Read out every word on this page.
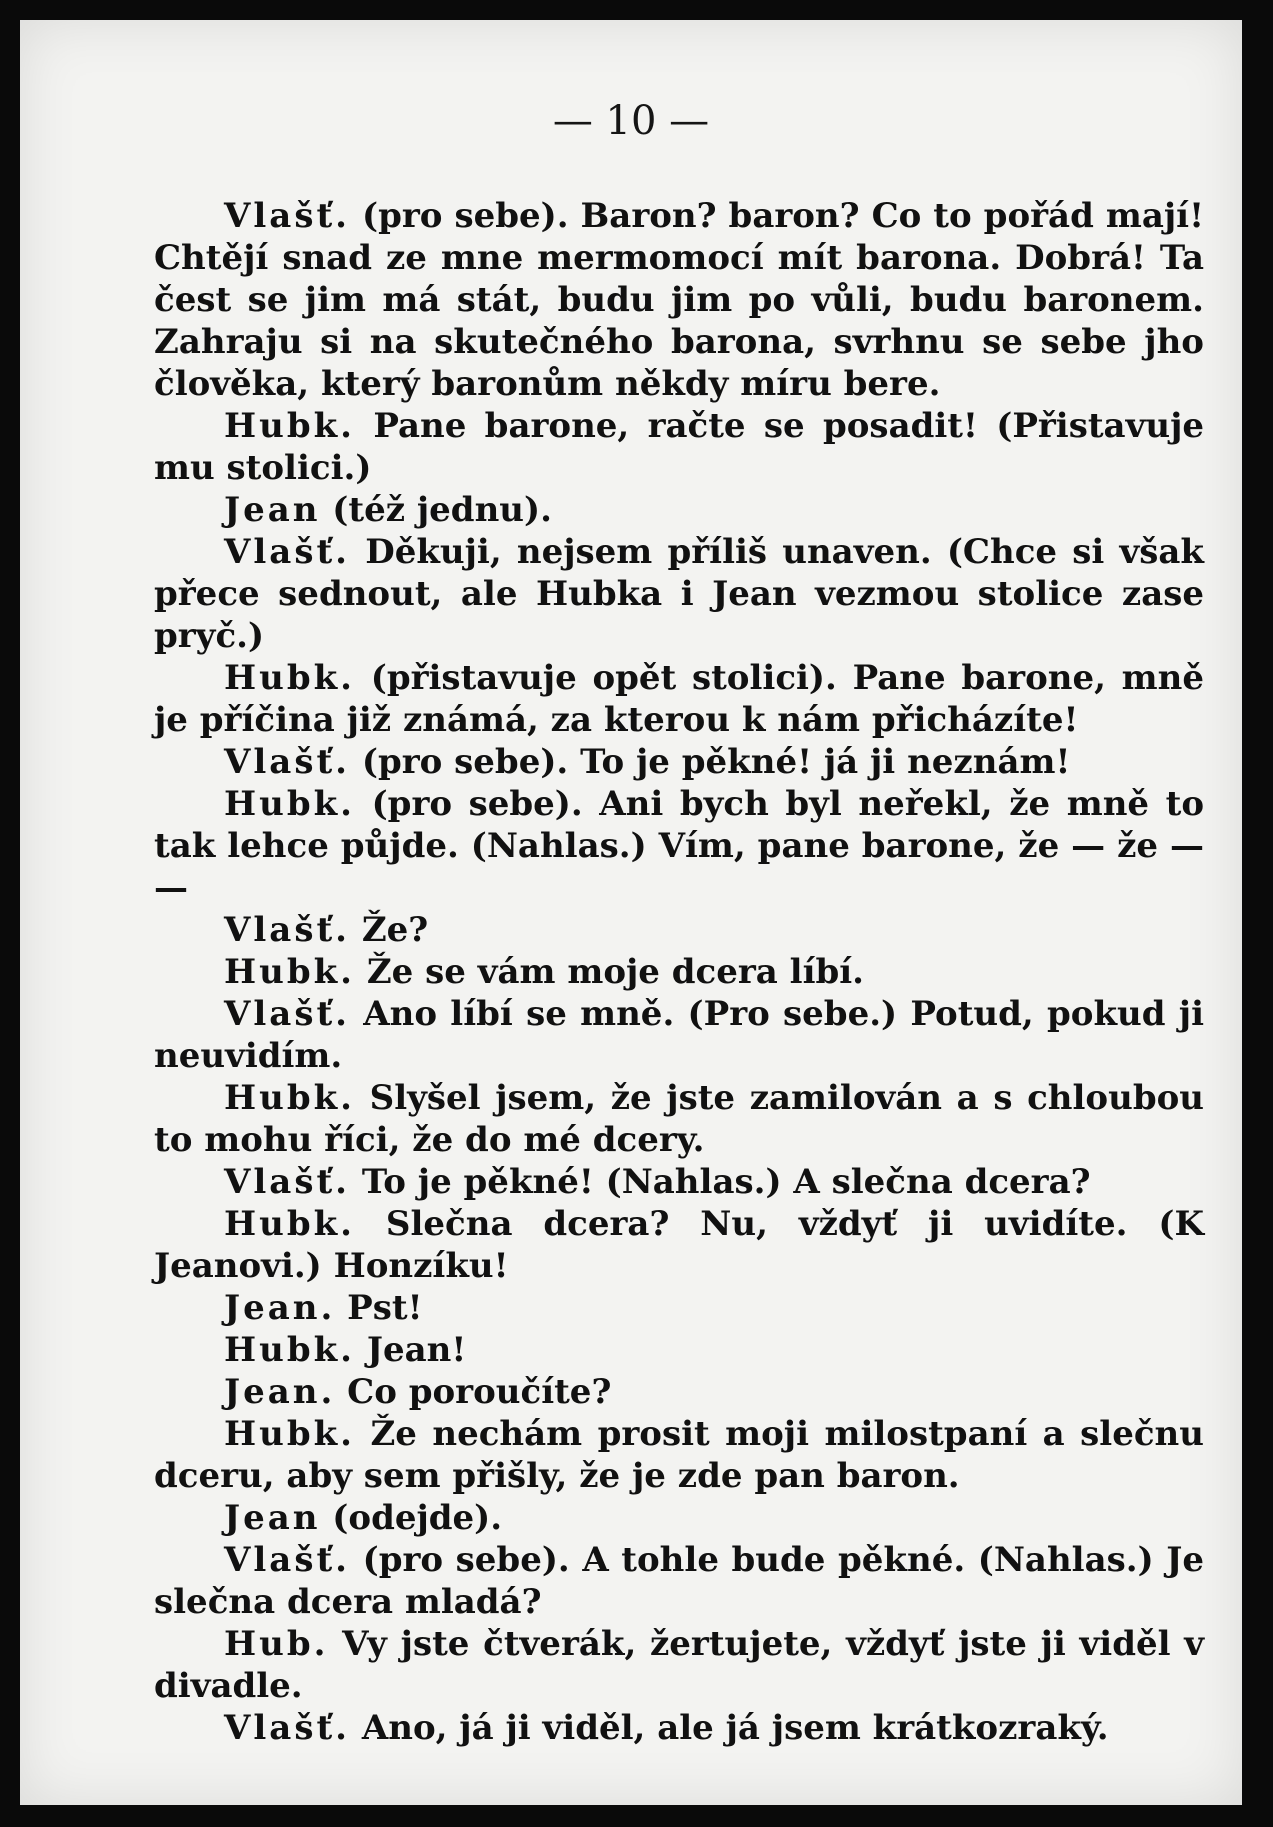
— 10 —
Vlašť. (pro sebe). Baron? baron? Co to pořád mají! Chtějí snad ze mne mermomocí mít barona. Dobrá! Ta čest se jim má stát, budu jim po vůli, budu baronem. Zahraju si na skutečného barona, svrhnu se sebe jho člověka, který baronům někdy míru bere.
Hubk. Pane barone, račte se posadit! (Přistavuje mu stolici.)
Jean (též jednu).
Vlašť. Děkuji, nejsem příliš unaven. (Chce si však přece sednout, ale Hubka i Jean vezmou stolice zase pryč.)
Hubk. (přistavuje opět stolici). Pane barone, mně je příčina již známá, za kterou k nám přicházíte!
Vlašť. (pro sebe). To je pěkné! já ji neznám!
Hubk. (pro sebe). Ani bych byl neřekl, že mně to tak lehce půjde. (Nahlas.) Vím, pane barone, že — že — —
Vlašť. Že?
Hubk. Že se vám moje dcera líbí.
Vlašť. Ano líbí se mně. (Pro sebe.) Potud, pokud ji neuvidím.
Hubk. Slyšel jsem, že jste zamilován a s chloubou to mohu říci, že do mé dcery.
Vlašť. To je pěkné! (Nahlas.) A slečna dcera?
Hubk. Slečna dcera? Nu, vždyť ji uvidíte. (K Jeanovi.) Honzíku!
Jean. Pst!
Hubk. Jean!
Jean. Co poroučíte?
Hubk. Že nechám prosit moji milostpaní a slečnu dceru, aby sem přišly, že je zde pan baron.
Jean (odejde).
Vlašť. (pro sebe). A tohle bude pěkné. (Nahlas.) Je slečna dcera mladá?
Hub. Vy jste čtverák, žertujete, vždyť jste ji viděl v divadle.
Vlašť. Ano, já ji viděl, ale já jsem krátkozraký.
